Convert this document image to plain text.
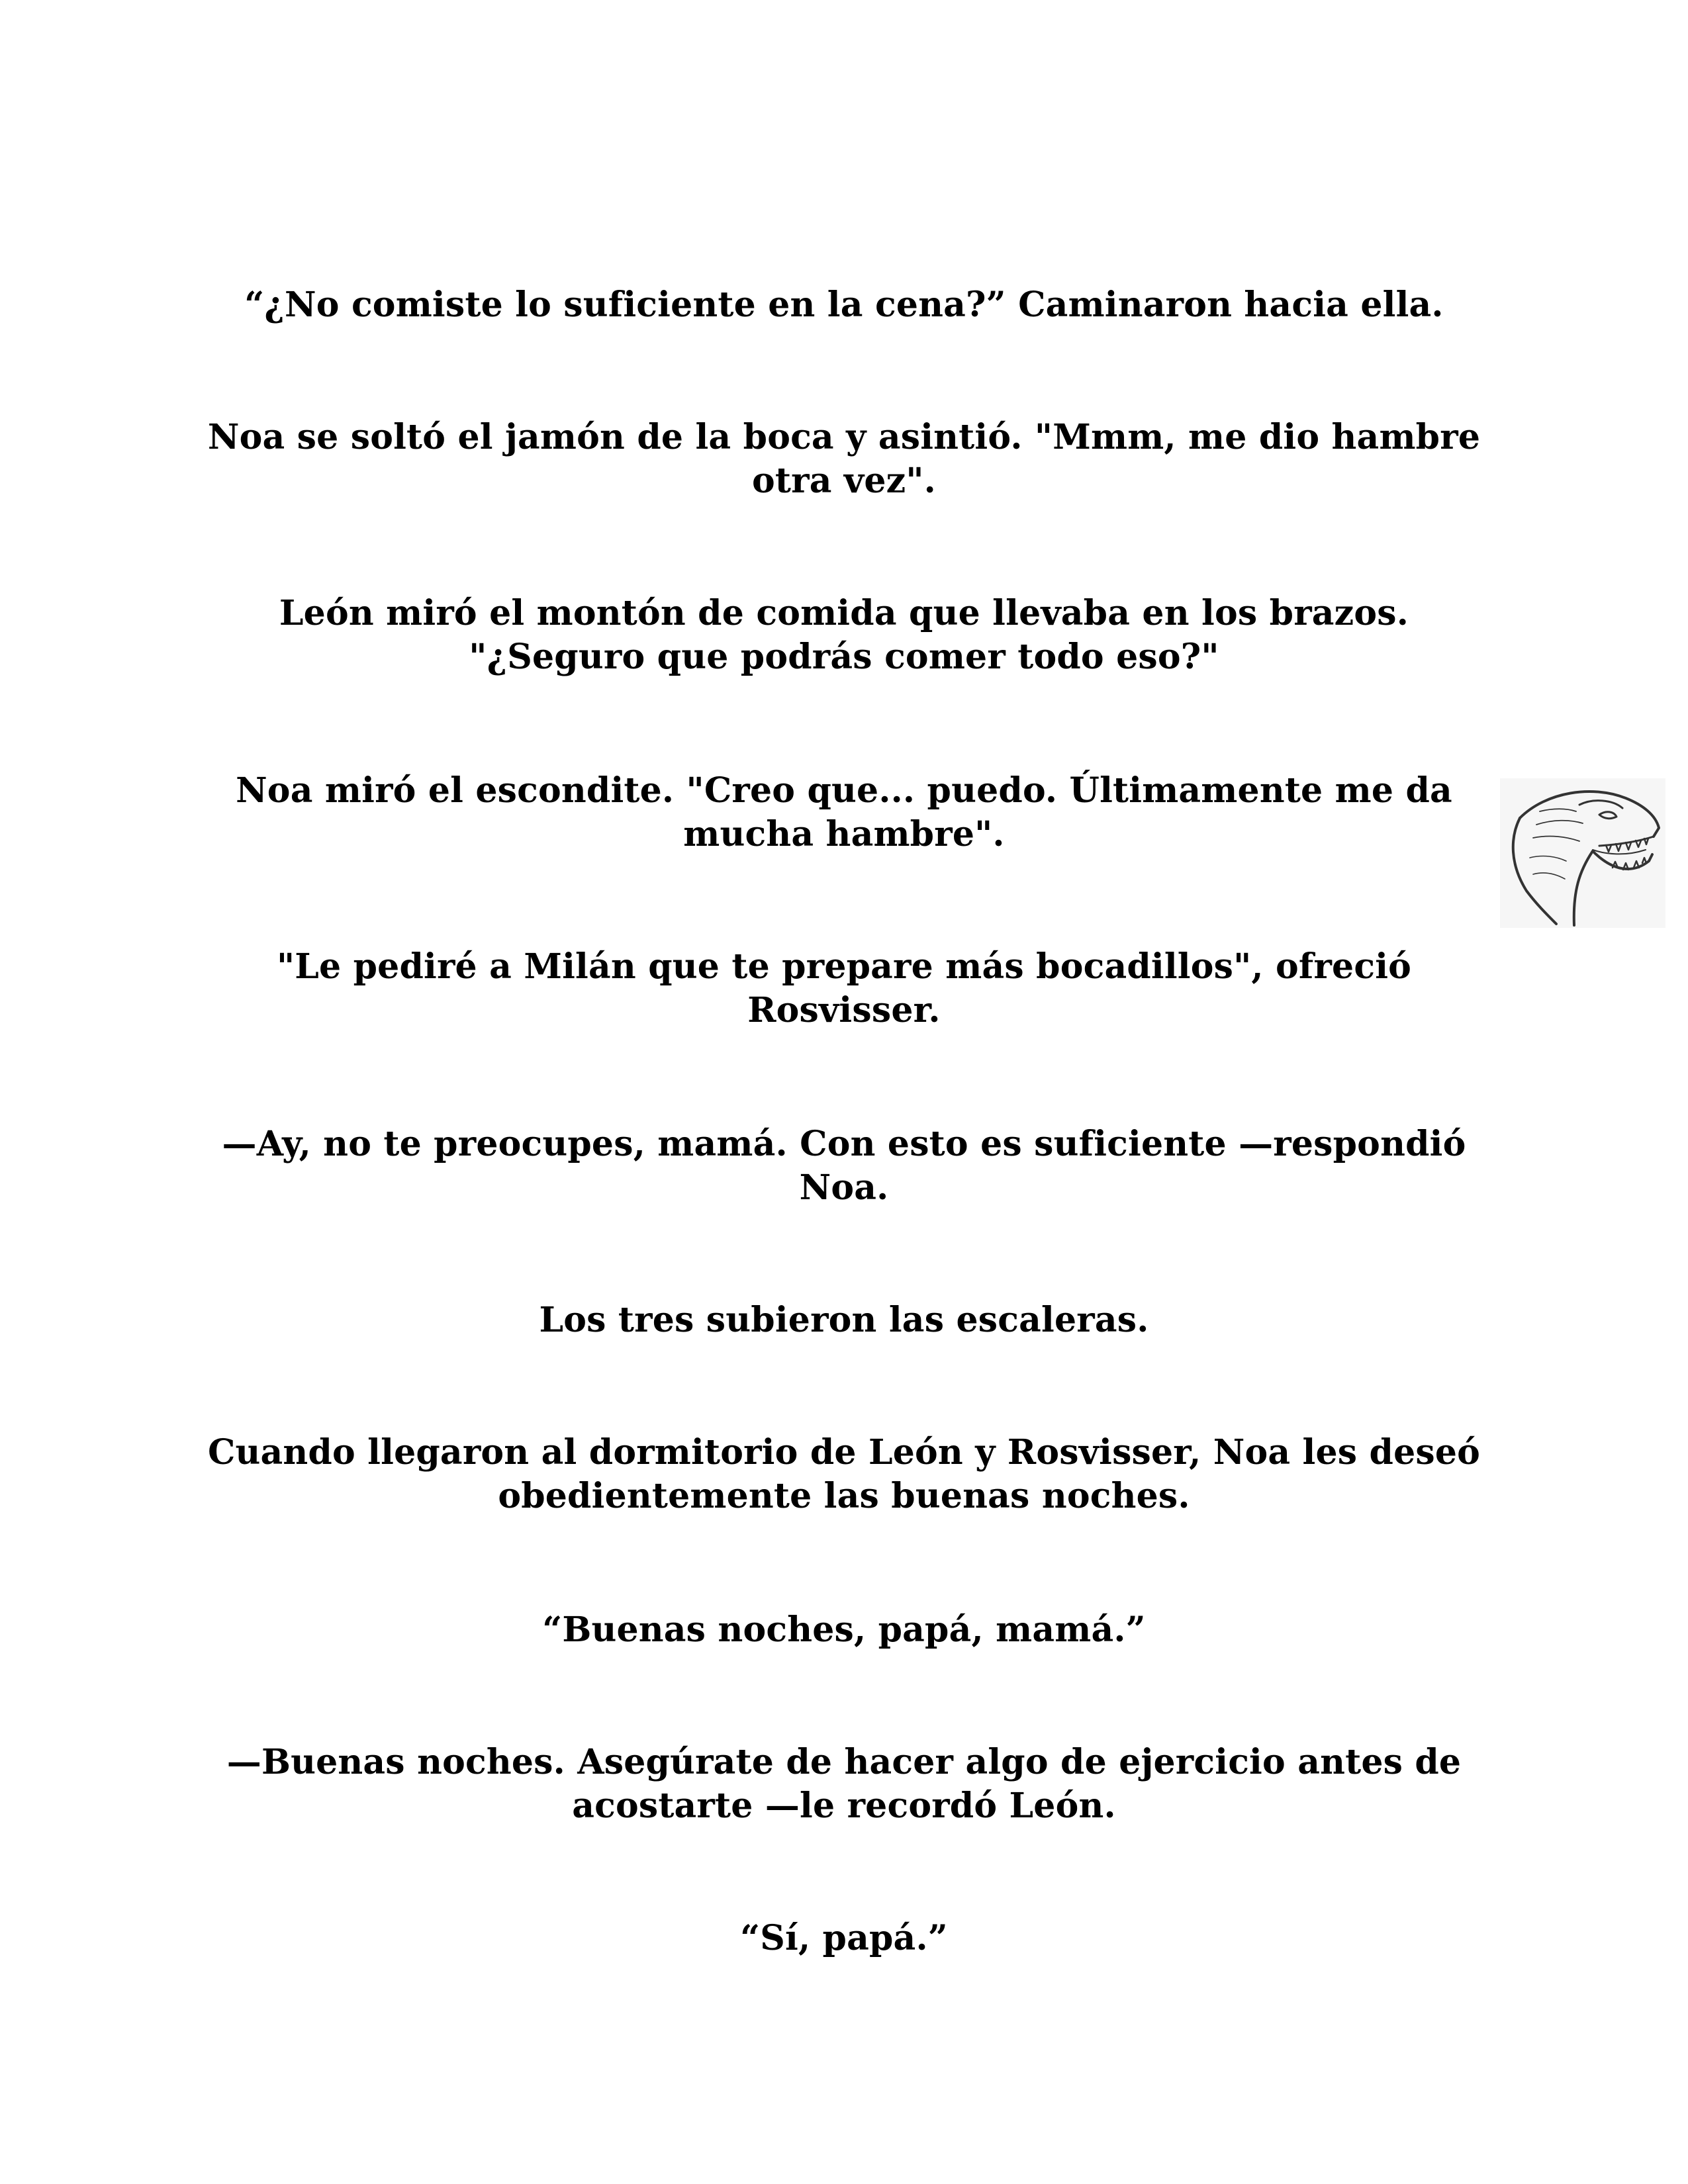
“¿No comiste lo suficiente en la cena?” Caminaron hacia ella.

Noa se soltó el jamón de la boca y asintió. "Mmm, me dio hambre otra vez".

León miró el montón de comida que llevaba en los brazos. "¿Seguro que podrás comer todo eso?"

Noa miró el escondite. "Creo que... puedo. Últimamente me da mucha hambre".

"Le pediré a Milán que te prepare más bocadillos", ofreció Rosvisser.

—Ay, no te preocupes, mamá. Con esto es suficiente —respondió Noa.

Los tres subieron las escaleras.

Cuando llegaron al dormitorio de León y Rosvisser, Noa les deseó obedientemente las buenas noches.

“Buenas noches, papá, mamá.”

—Buenas noches. Asegúrate de hacer algo de ejercicio antes de acostarte —le recordó León.

“Sí, papá.”
